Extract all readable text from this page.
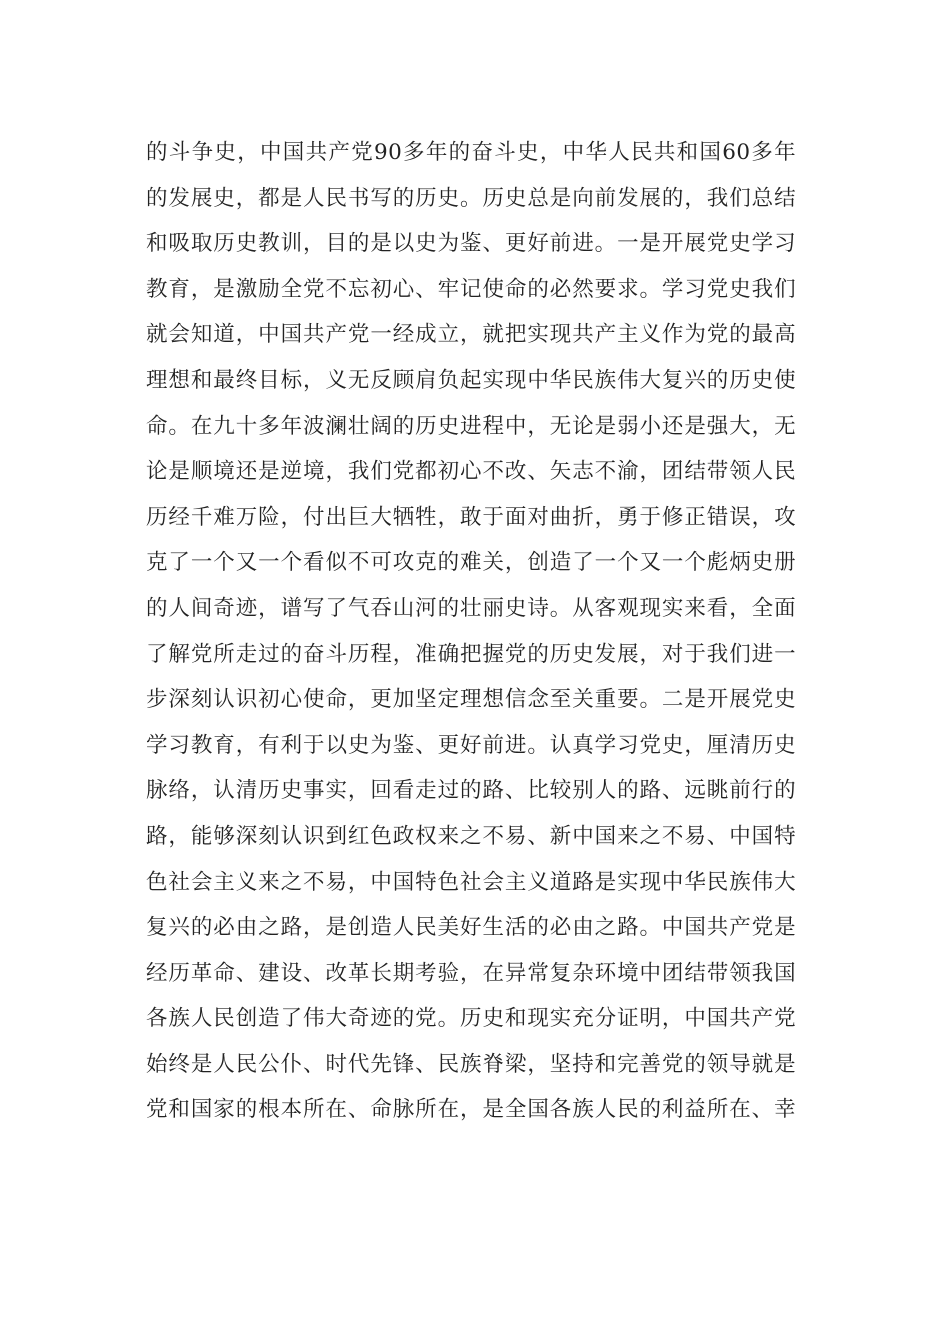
的斗争史，中国共产党90多年的奋斗史，中华人民共和国60多年
的发展史，都是人民书写的历史。历史总是向前发展的，我们总结
和吸取历史教训，目的是以史为鉴、更好前进。一是开展党史学习
教育，是激励全党不忘初心、牢记使命的必然要求。学习党史我们
就会知道，中国共产党一经成立，就把实现共产主义作为党的最高
理想和最终目标，义无反顾肩负起实现中华民族伟大复兴的历史使
命。在九十多年波澜壮阔的历史进程中，无论是弱小还是强大，无
论是顺境还是逆境，我们党都初心不改、矢志不渝，团结带领人民
历经千难万险，付出巨大牺牲，敢于面对曲折，勇于修正错误，攻
克了一个又一个看似不可攻克的难关，创造了一个又一个彪炳史册
的人间奇迹，谱写了气吞山河的壮丽史诗。从客观现实来看，全面
了解党所走过的奋斗历程，准确把握党的历史发展，对于我们进一
步深刻认识初心使命，更加坚定理想信念至关重要。二是开展党史
学习教育，有利于以史为鉴、更好前进。认真学习党史，厘清历史
脉络，认清历史事实，回看走过的路、比较别人的路、远眺前行的
路，能够深刻认识到红色政权来之不易、新中国来之不易、中国特
色社会主义来之不易，中国特色社会主义道路是实现中华民族伟大
复兴的必由之路，是创造人民美好生活的必由之路。中国共产党是
经历革命、建设、改革长期考验，在异常复杂环境中团结带领我国
各族人民创造了伟大奇迹的党。历史和现实充分证明，中国共产党
始终是人民公仆、时代先锋、民族脊梁，坚持和完善党的领导就是
党和国家的根本所在、命脉所在，是全国各族人民的利益所在、幸
